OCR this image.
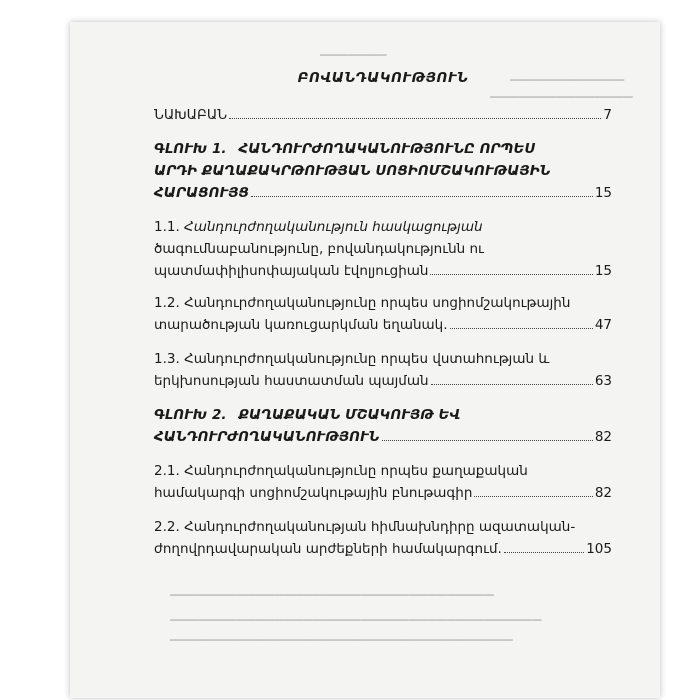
▁▁▁▁▁▁▁
▁▁▁▁▁▁▁▁▁▁▁▁
▁▁▁▁▁▁▁▁▁▁▁▁▁▁▁
▁▁▁▁▁▁▁▁▁▁▁▁▁▁▁▁▁▁▁▁▁▁▁▁▁▁▁▁▁▁▁▁▁▁
▁▁▁▁▁▁▁▁▁▁▁▁▁▁▁▁▁▁▁▁▁▁▁▁▁▁▁▁▁▁▁▁▁▁▁▁▁▁▁
▁▁▁▁▁▁▁▁▁▁▁▁▁▁▁▁▁▁▁▁▁▁▁▁▁▁▁▁▁▁▁▁▁▁▁▁
ԲՈՎԱՆԴԱԿՈՒԹՅՈՒՆ
ՆԱԽԱԲԱՆ	7
ԳԼՈՒԽ 1. ՀԱՆԴՈՒՐԺՈՂԱԿԱՆՈՒԹՅՈՒՆԸ ՈՐՊԵՍ
ԱՐԴԻ ՔԱՂԱՔԱԿՐԹՈՒԹՅԱՆ ՍՈՑԻՈՄՇԱԿՈՒԹԱՅԻՆ
ՀԱՐԱՑՈՒՅՑ	15
1.1. Հանդուրժողականություն հասկացության
ծագումնաբանությունը, բովանդակությունն ու
պատմափիլիսոփայական էվոլյուցիան	15
1.2. Հանդուրժողականությունը որպես սոցիոմշակութային
տարածության կառուցարկման եղանակ.	47
1.3. Հանդուրժողականությունը որպես վստահության և
երկխոսության հաստատման պայման	63
ԳԼՈՒԽ 2. ՔԱՂԱՔԱԿԱՆ ՄՇԱԿՈՒՅԹ ԵՎ
ՀԱՆԴՈՒՐԺՈՂԱԿԱՆՈՒԹՅՈՒՆ	82
2.1. Հանդուրժողականությունը որպես քաղաքական
համակարգի սոցիոմշակութային բնութագիր	82
2.2. Հանդուրժողականության հիմնախնդիրը ազատական-
ժողովրդավարական արժեքների համակարգում.	105
